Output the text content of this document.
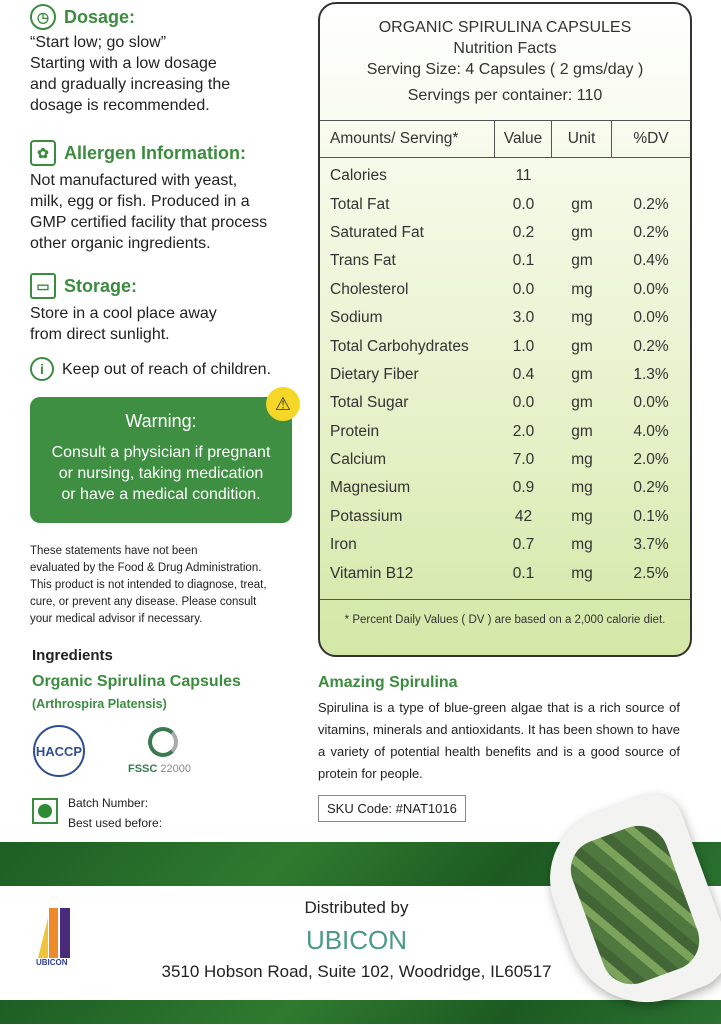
◷ Dosage:
“Start low; go slow”
Starting with a low dosage
and gradually increasing the
dosage is recommended.
✿ Allergen Information:
Not manufactured with yeast,
milk, egg or fish. Produced in a
GMP certified facility that process
other organic ingredients.
▭ Storage:
Store in a cool place away
from direct sunlight.
i	Keep out of reach of children.
⚠
Warning:
Consult a physician if pregnant
or nursing, taking medication
or have a medical condition.
These statements have not been
evaluated by the Food & Drug Administration.
This product is not intended to diagnose, treat,
cure, or prevent any disease. Please consult
your medical advisor if necessary.
Ingredients
Organic Spirulina Capsules
(Arthrospira Platensis)
HACCP
FSSC 22000
Batch Number:
Best used before:
ORGANIC SPIRULINA CAPSULES
Nutrition Facts
Serving Size: 4 Capsules ( 2 gms/day )
Servings per container: 110
Amounts/ Serving*	Value	Unit	%DV
Calories	11
Total Fat	0.0	gm	0.2%
Saturated Fat	0.2	gm	0.2%
Trans Fat	0.1	gm	0.4%
Cholesterol	0.0	mg	0.0%
Sodium	3.0	mg	0.0%
Total Carbohydrates	1.0	gm	0.2%
Dietary Fiber	0.4	gm	1.3%
Total Sugar	0.0	gm	0.0%
Protein	2.0	gm	4.0%
Calcium	7.0	mg	2.0%
Magnesium	0.9	mg	0.2%
Potassium	42	mg	0.1%
Iron	0.7	mg	3.7%
Vitamin B12	0.1	mg	2.5%
* Percent Daily Values ( DV ) are based on a 2,000 calorie diet.
Amazing Spirulina
Spirulina is a type of blue-green algae that is a rich source of vitamins, minerals and antioxidants. It has been shown to have a variety of potential health benefits and is a good source of protein for people.
SKU Code: #NAT1016
UBICON
Distributed by
UBICON
3510 Hobson Road, Suite 102, Woodridge, IL60517
